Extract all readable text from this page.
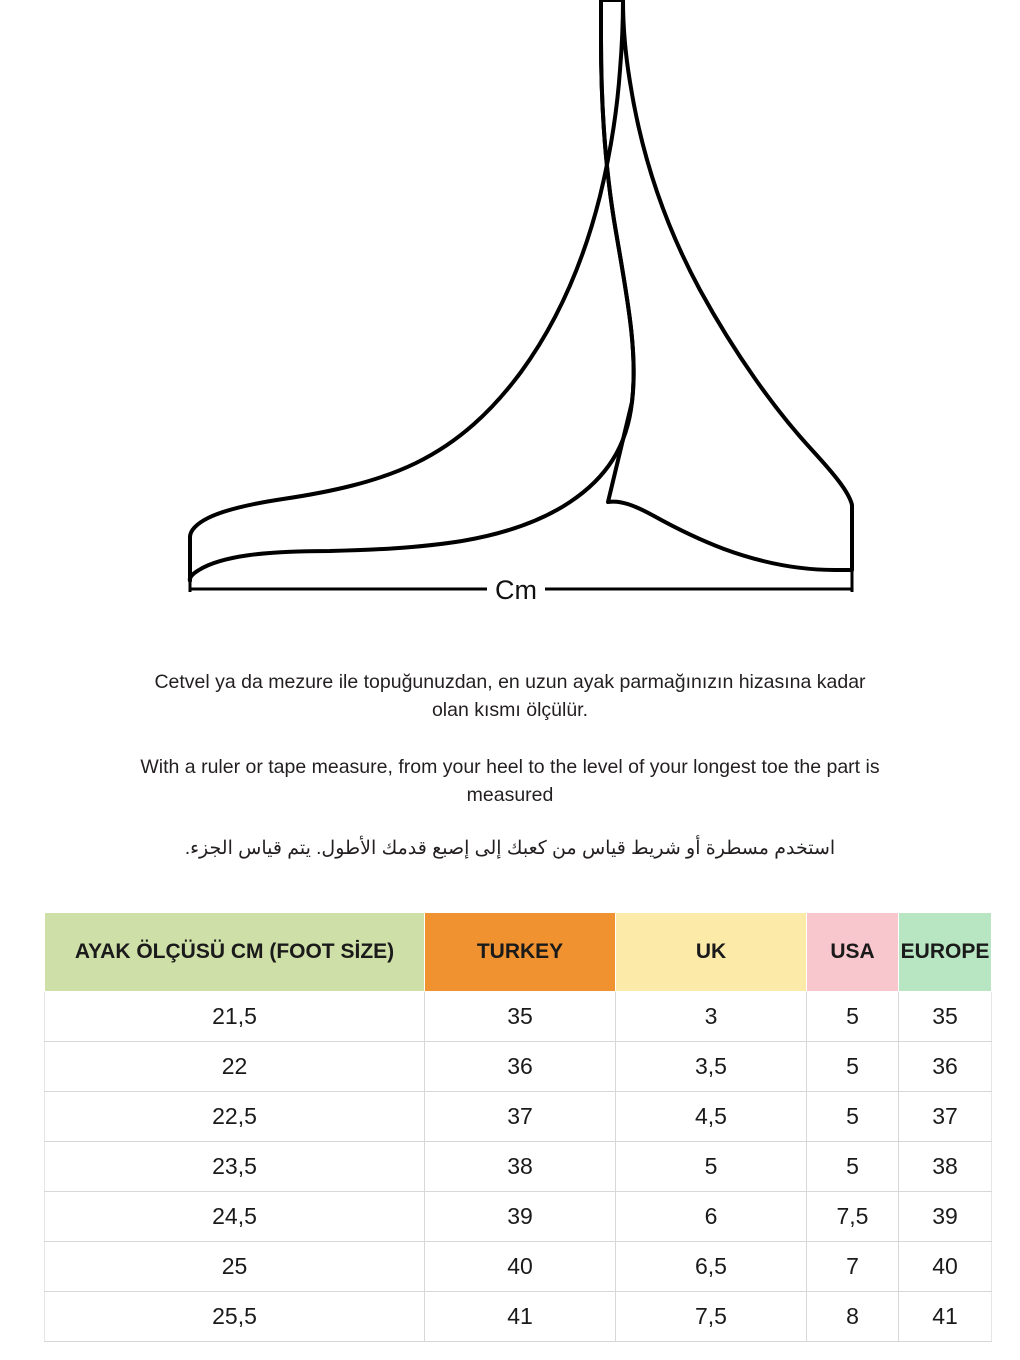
Cm

Cetvel ya da mezure ile topuğunuzdan, en uzun ayak parmağınızın hizasına kadar olan kısmı ölçülür.

With a ruler or tape measure, from your heel to the level of your longest toe the part is measured

استخدم مسطرة أو شريط قياس من كعبك إلى إصبع قدمك الأطول. يتم قياس الجزء.

AYAK ÖLÇÜSÜ CM (FOOT SİZE)	TURKEY	UK	USA	EUROPE
21,5	35	3	5	35
22	36	3,5	5	36
22,5	37	4,5	5	37
23,5	38	5	5	38
24,5	39	6	7,5	39
25	40	6,5	7	40
25,5	41	7,5	8	41
